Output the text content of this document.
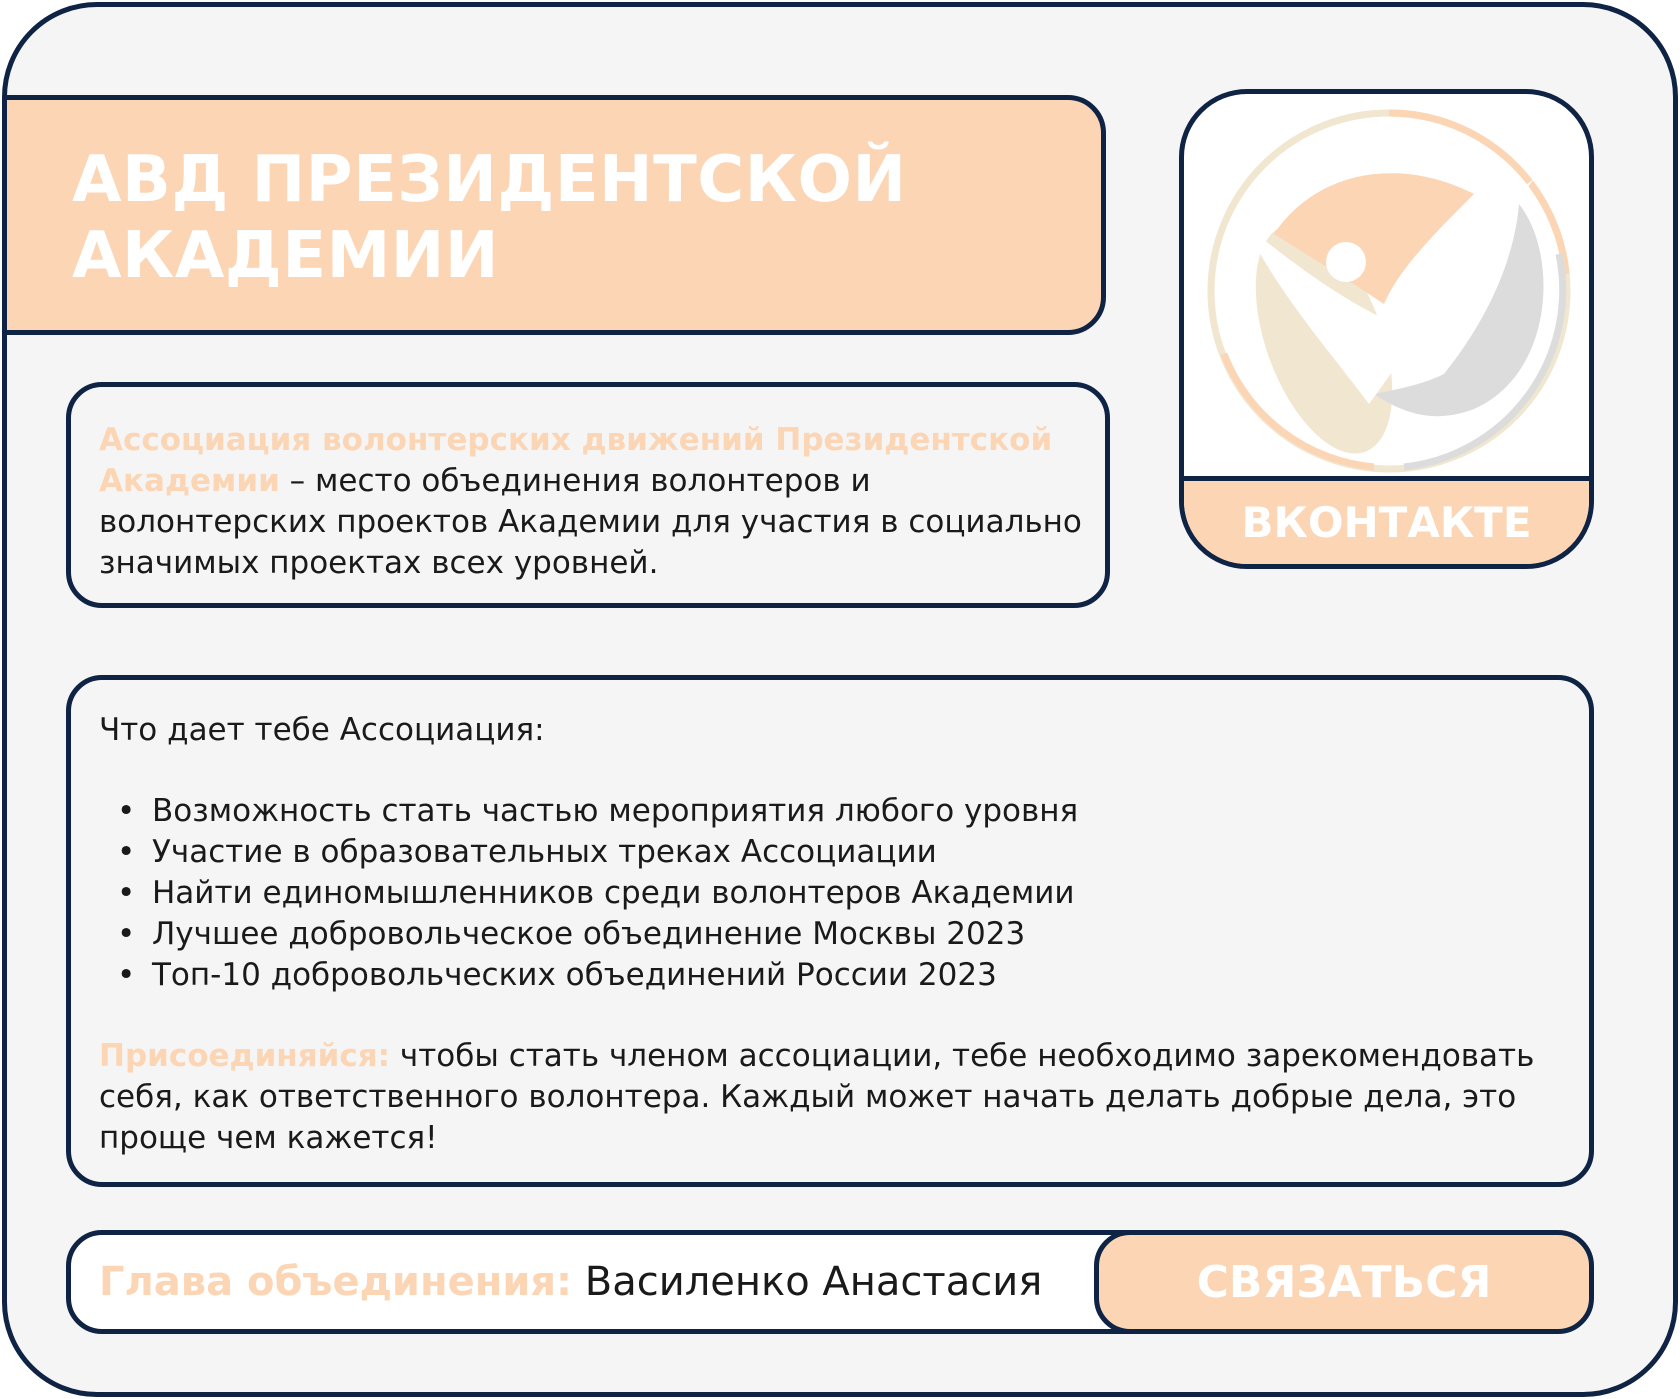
АВД ПРЕЗИДЕНТСКОЙ
АКАДЕМИИ
Ассоциация волонтерских движений Президентской Академии – место объединения волонтеров и волонтерских проектов Академии для участия в социально значимых проектах всех уровней.
ВКОНТАКТЕ
Что дает тебе Ассоциация:
• Возможность стать частью мероприятия любого уровня
• Участие в образовательных треках Ассоциации
• Найти единомышленников среди волонтеров Академии
• Лучшее добровольческое объединение Москвы 2023
• Топ-10 добровольческих объединений России 2023
Присоединяйся: чтобы стать членом ассоциации, тебе необходимо зарекомендовать себя, как ответственного волонтера. Каждый может начать делать добрые дела, это проще чем кажется!
Глава объединения: Василенко Анастасия	СВЯЗАТЬСЯ
